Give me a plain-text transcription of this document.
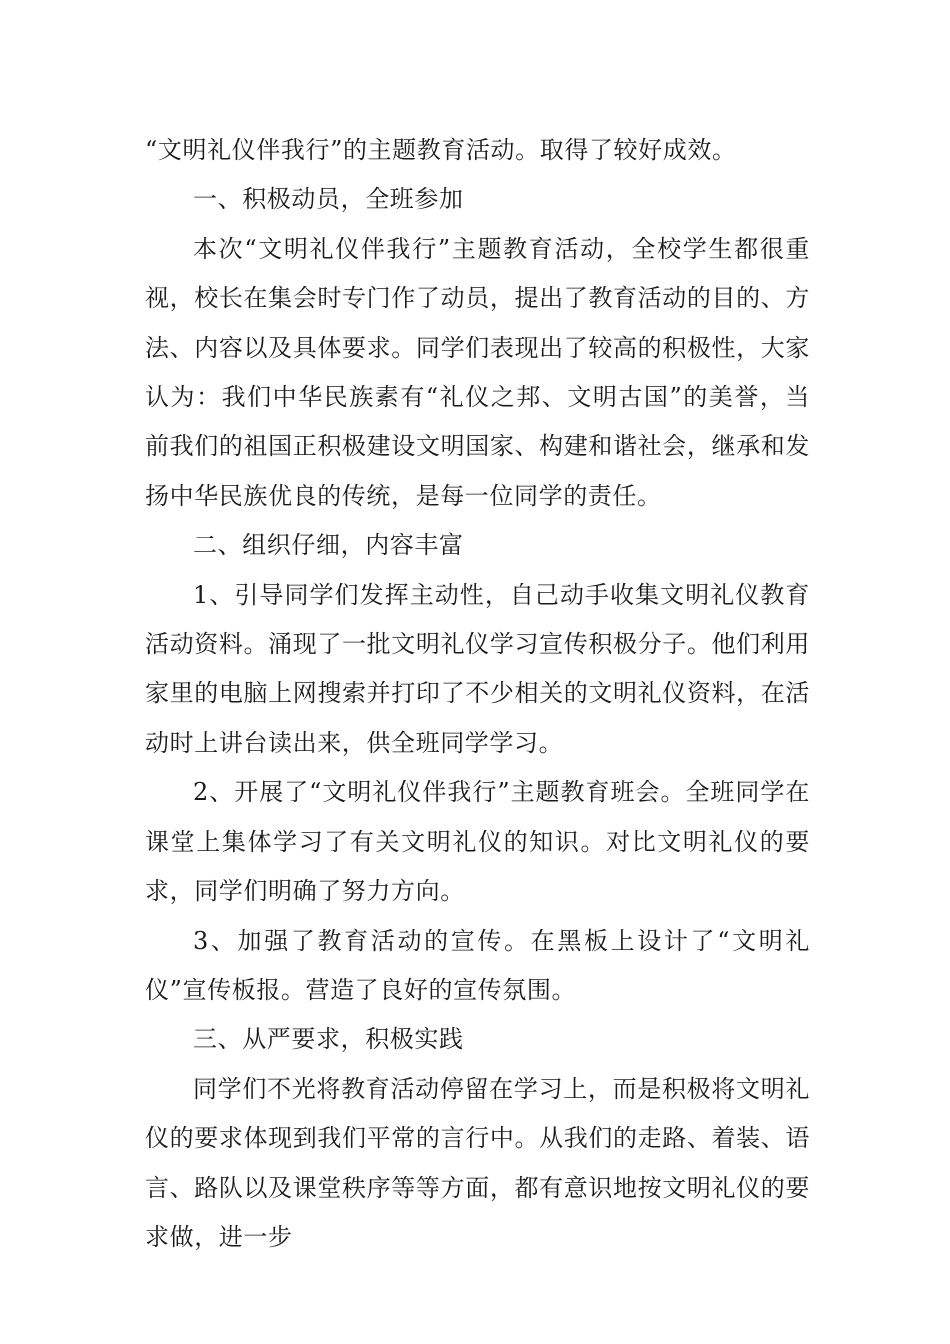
“文明礼仪伴我行”的主题教育活动。取得了较好成效。

一、积极动员，全班参加

本次“文明礼仪伴我行”主题教育活动，全校学生都很重视，校长在集会时专门作了动员，提出了教育活动的目的、方法、内容以及具体要求。同学们表现出了较高的积极性，大家认为：我们中华民族素有“礼仪之邦、文明古国”的美誉，当前我们的祖国正积极建设文明国家、构建和谐社会，继承和发扬中华民族优良的传统，是每一位同学的责任。

二、组织仔细，内容丰富

1、引导同学们发挥主动性，自己动手收集文明礼仪教育活动资料。涌现了一批文明礼仪学习宣传积极分子。他们利用家里的电脑上网搜索并打印了不少相关的文明礼仪资料，在活动时上讲台读出来，供全班同学学习。

2、开展了“文明礼仪伴我行”主题教育班会。全班同学在课堂上集体学习了有关文明礼仪的知识。对比文明礼仪的要求，同学们明确了努力方向。

3、加强了教育活动的宣传。在黑板上设计了“文明礼仪”宣传板报。营造了良好的宣传氛围。

三、从严要求，积极实践

同学们不光将教育活动停留在学习上，而是积极将文明礼仪的要求体现到我们平常的言行中。从我们的走路、着装、语言、路队以及课堂秩序等等方面，都有意识地按文明礼仪的要求做，进一步
